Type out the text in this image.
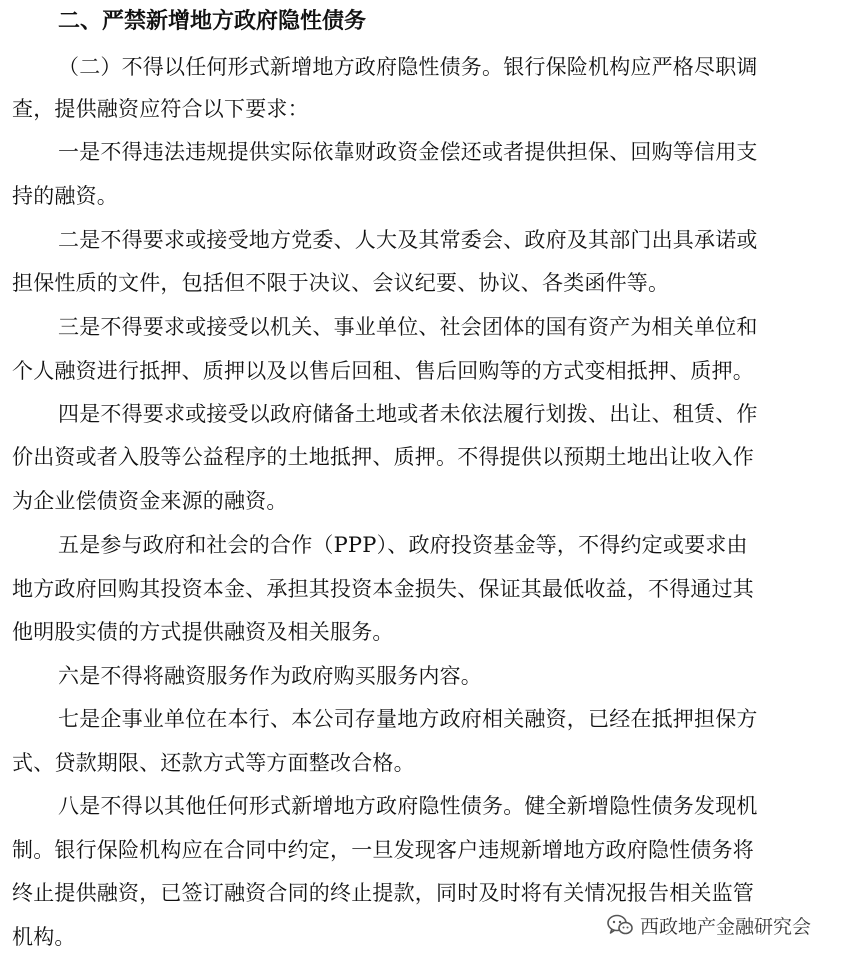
二、严禁新增地方政府隐性债务
（二）不得以任何形式新增地方政府隐性债务。银行保险机构应严格尽职调
查，提供融资应符合以下要求：
一是不得违法违规提供实际依靠财政资金偿还或者提供担保、回购等信用支
持的融资。
二是不得要求或接受地方党委、人大及其常委会、政府及其部门出具承诺或
担保性质的文件，包括但不限于决议、会议纪要、协议、各类函件等。
三是不得要求或接受以机关、事业单位、社会团体的国有资产为相关单位和
个人融资进行抵押、质押以及以售后回租、售后回购等的方式变相抵押、质押。
四是不得要求或接受以政府储备土地或者未依法履行划拨、出让、租赁、作
价出资或者入股等公益程序的土地抵押、质押。不得提供以预期土地出让收入作
为企业偿债资金来源的融资。
五是参与政府和社会的合作（PPP）、政府投资基金等，不得约定或要求由
地方政府回购其投资本金、承担其投资本金损失、保证其最低收益，不得通过其
他明股实债的方式提供融资及相关服务。
六是不得将融资服务作为政府购买服务内容。
七是企事业单位在本行、本公司存量地方政府相关融资，已经在抵押担保方
式、贷款期限、还款方式等方面整改合格。
八是不得以其他任何形式新增地方政府隐性债务。健全新增隐性债务发现机
制。银行保险机构应在合同中约定，一旦发现客户违规新增地方政府隐性债务将
终止提供融资，已签订融资合同的终止提款，同时及时将有关情况报告相关监管
机构。	西政地产金融研究会
